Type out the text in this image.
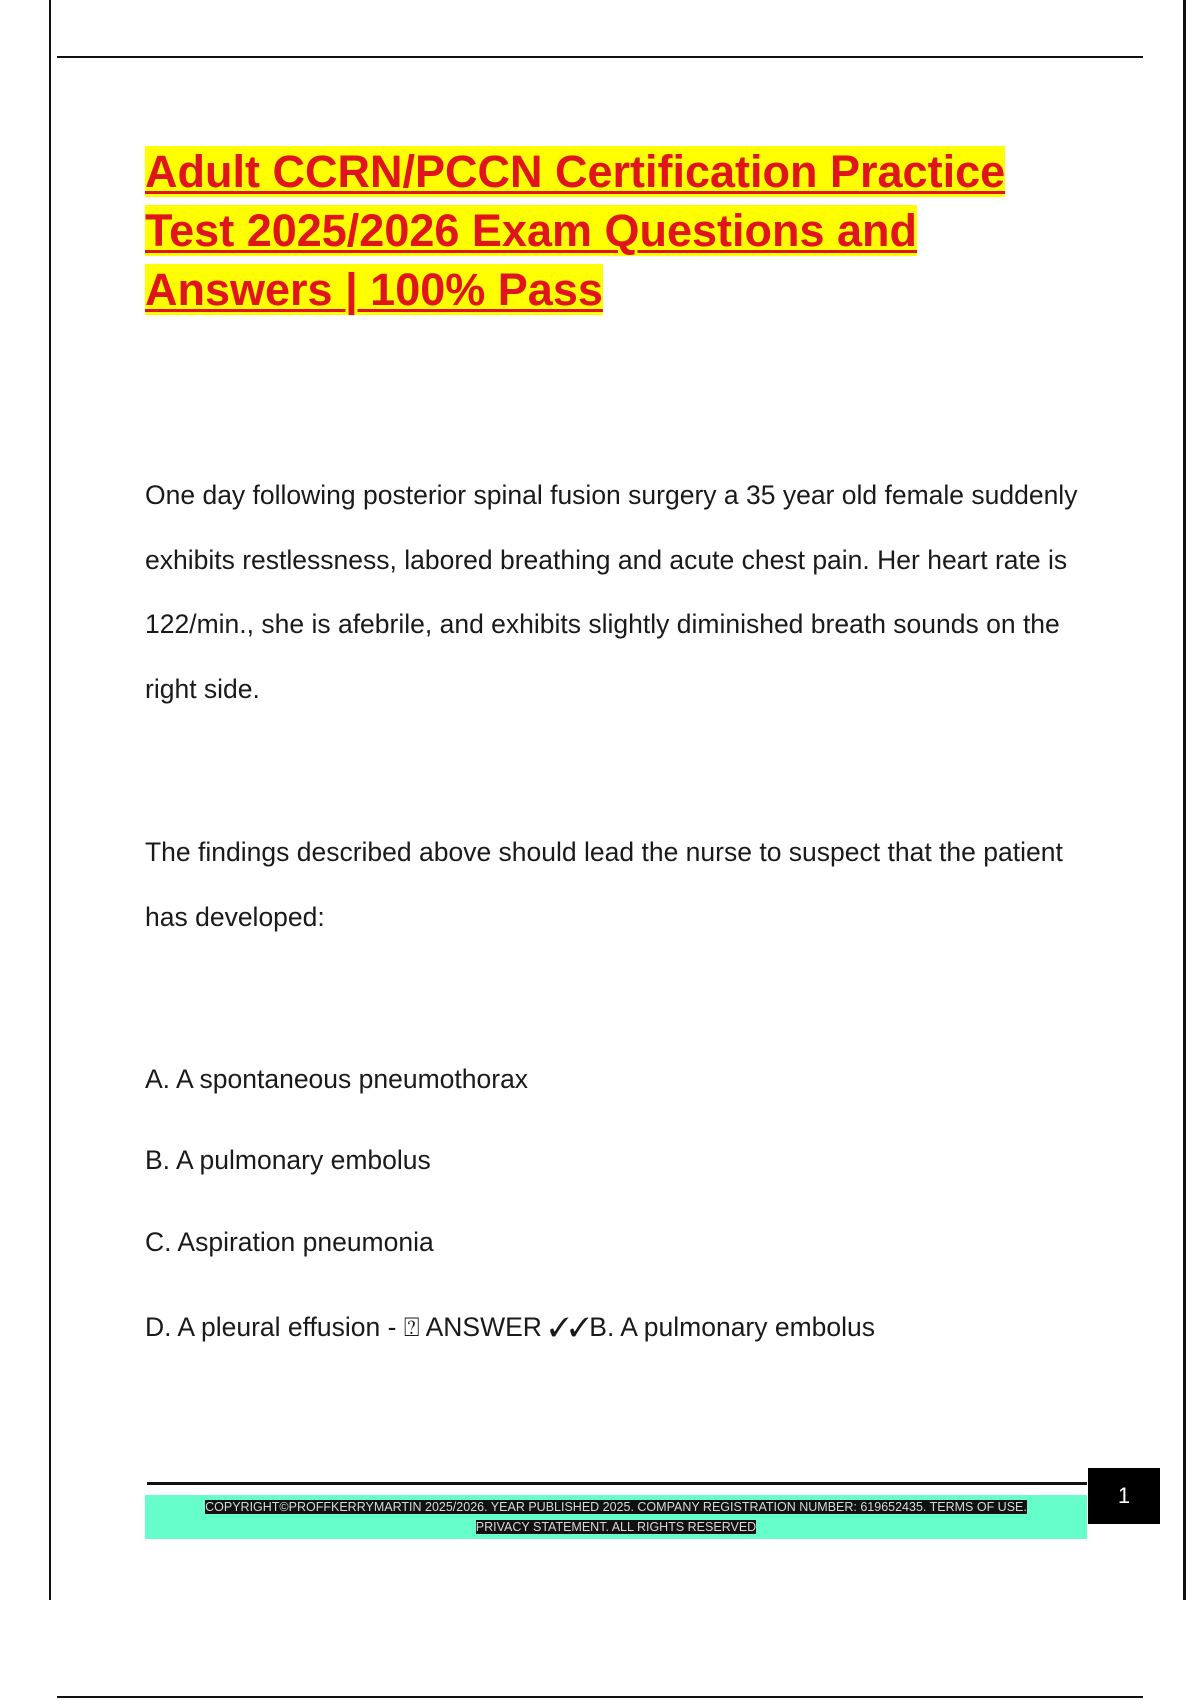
Adult CCRN/PCCN Certification Practice Test 2025/2026 Exam Questions and Answers | 100% Pass

One day following posterior spinal fusion surgery a 35 year old female suddenly exhibits restlessness, labored breathing and acute chest pain. Her heart rate is 122/min., she is afebrile, and exhibits slightly diminished breath sounds on the right side.

The findings described above should lead the nurse to suspect that the patient has developed:

A. A spontaneous pneumothorax

B. A pulmonary embolus

C. Aspiration pneumonia

D. A pleural effusion - ⍰ ANSWER ✓✓B. A pulmonary embolus

1
COPYRIGHT©PROFFKERRYMARTIN 2025/2026. YEAR PUBLISHED 2025. COMPANY REGISTRATION NUMBER: 619652435. TERMS OF USE.
PRIVACY STATEMENT. ALL RIGHTS RESERVED
